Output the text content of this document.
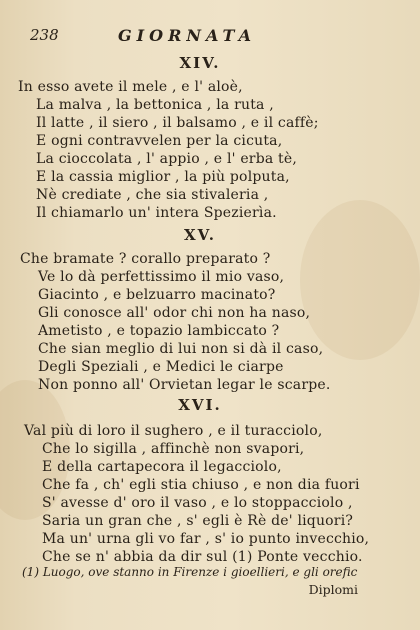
238	GIORNATA
XIV.
In esso avete il mele , e l' aloè,
La malva , la bettonica , la ruta ,
Il latte , il siero , il balsamo , e il caffè;
E ogni contravvelen per la cicuta,
La cioccolata , l' appio , e l' erba tè,
E la cassia miglior , la più polputa,
Nè crediate , che sia stivaleria ,
Il chiamarlo un' intera Spezierìa.
XV.
Che bramate ? corallo preparato ?
Ve lo dà perfettissimo il mio vaso,
Giacinto , e belzuarro macinato?
Gli conosce all' odor chi non ha naso,
Ametisto , e topazio lambiccato ?
Che sian meglio di lui non si dà il caso,
Degli Speziali , e Medici le ciarpe
Non ponno all' Orvietan legar le scarpe.
XVI.
Val più di loro il sughero , e il turacciolo,
Che lo sigilla , affinchè non svapori,
E della cartapecora il legacciolo,
Che fa , ch' egli stia chiuso , e non dia fuori
S' avesse d' oro il vaso , e lo stoppacciolo ,
Saria un gran che , s' egli è Rè de' liquori?
Ma un' urna gli vo far , s' io punto invecchio,
Che se n' abbia da dir sul (1) Ponte vecchio.
(1) Luogo, ove stanno in Firenze i gioellieri, e gli orefic
Diplomi
